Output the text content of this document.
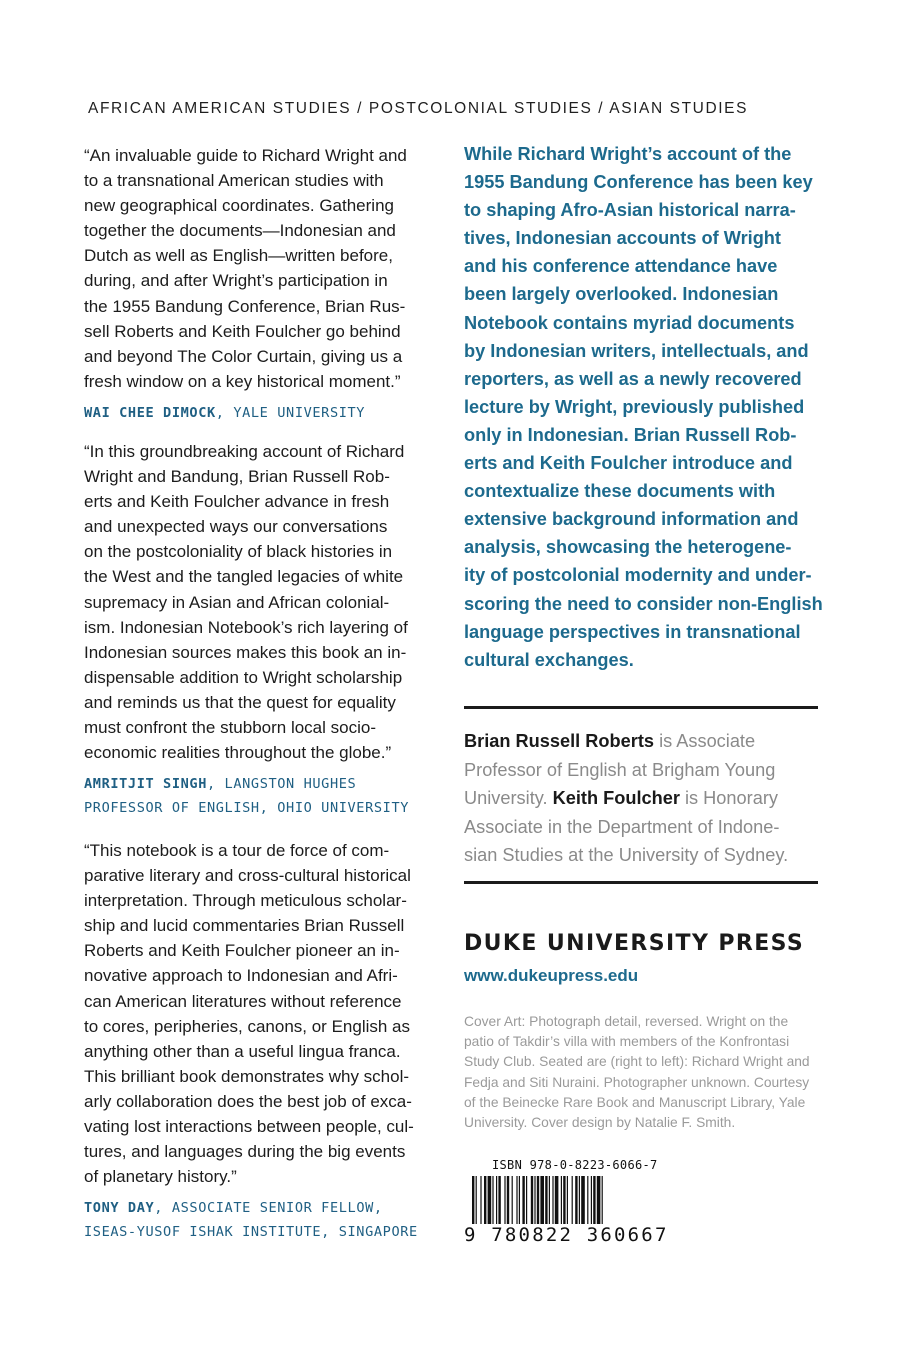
AFRICAN AMERICAN STUDIES / POSTCOLONIAL STUDIES / ASIAN STUDIES
“An invaluable guide to Richard Wright and
to a transnational American studies with
new geographical coordinates. Gathering
together the documents—Indonesian and
Dutch as well as English—written before,
during, and after Wright’s participation in
the 1955 Bandung Conference, Brian Rus-
sell Roberts and Keith Foulcher go behind
and beyond The Color Curtain, giving us a
fresh window on a key historical moment.”
WAI CHEE DIMOCK, YALE UNIVERSITY
“In this groundbreaking account of Richard
Wright and Bandung, Brian Russell Rob-
erts and Keith Foulcher advance in fresh
and unexpected ways our conversations
on the postcoloniality of black histories in
the West and the tangled legacies of white
supremacy in Asian and African colonial-
ism. Indonesian Notebook’s rich layering of
Indonesian sources makes this book an in-
dispensable addition to Wright scholarship
and reminds us that the quest for equality
must confront the stubborn local socio-
economic realities throughout the globe.”
AMRITJIT SINGH, LANGSTON HUGHES
PROFESSOR OF ENGLISH, OHIO UNIVERSITY
“This notebook is a tour de force of com-
parative literary and cross-cultural historical
interpretation. Through meticulous scholar-
ship and lucid commentaries Brian Russell
Roberts and Keith Foulcher pioneer an in-
novative approach to Indonesian and Afri-
can American literatures without reference
to cores, peripheries, canons, or English as
anything other than a useful lingua franca.
This brilliant book demonstrates why schol-
arly collaboration does the best job of exca-
vating lost interactions between people, cul-
tures, and languages during the big events
of planetary history.”
TONY DAY, ASSOCIATE SENIOR FELLOW,
ISEAS-YUSOF ISHAK INSTITUTE, SINGAPORE
While Richard Wright’s account of the
1955 Bandung Conference has been key
to shaping Afro-Asian historical narra-
tives, Indonesian accounts of Wright
and his conference attendance have
been largely overlooked. Indonesian
Notebook contains myriad documents
by Indonesian writers, intellectuals, and
reporters, as well as a newly recovered
lecture by Wright, previously published
only in Indonesian. Brian Russell Rob-
erts and Keith Foulcher introduce and
contextualize these documents with
extensive background information and
analysis, showcasing the heterogene-
ity of postcolonial modernity and under-
scoring the need to consider non-English
language perspectives in transnational
cultural exchanges.
Brian Russell Roberts is Associate
Professor of English at Brigham Young
University. Keith Foulcher is Honorary
Associate in the Department of Indone-
sian Studies at the University of Sydney.
DUKE UNIVERSITY PRESS
www.dukeupress.edu
Cover Art: Photograph detail, reversed. Wright on the
patio of Takdir’s villa with members of the Konfrontasi
Study Club. Seated are (right to left): Richard Wright and
Fedja and Siti Nuraini. Photographer unknown. Courtesy
of the Beinecke Rare Book and Manuscript Library, Yale
University. Cover design by Natalie F. Smith.
ISBN 978-0-8223-6066-7
9 780822 360667
